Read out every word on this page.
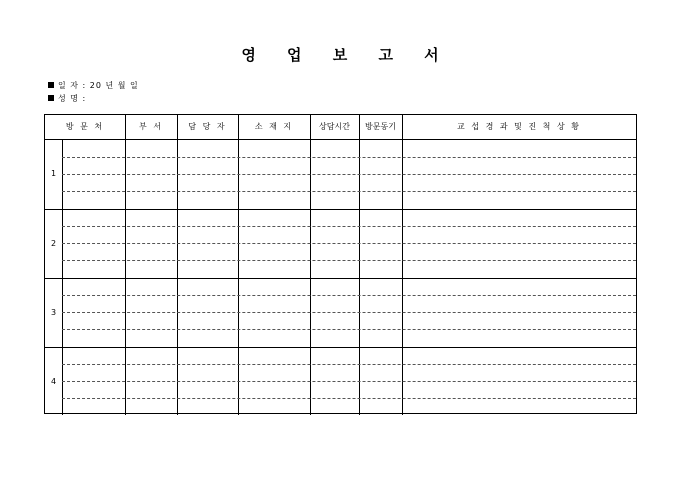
영 업 보 고 서
일 자 : 20 년 월 일
성 명 :
방 문 처	부 서	담 당 자	소 재 지	상담시간	방문동기	교 섭 경 과 및 진 척 상 황
1
2
3
4
